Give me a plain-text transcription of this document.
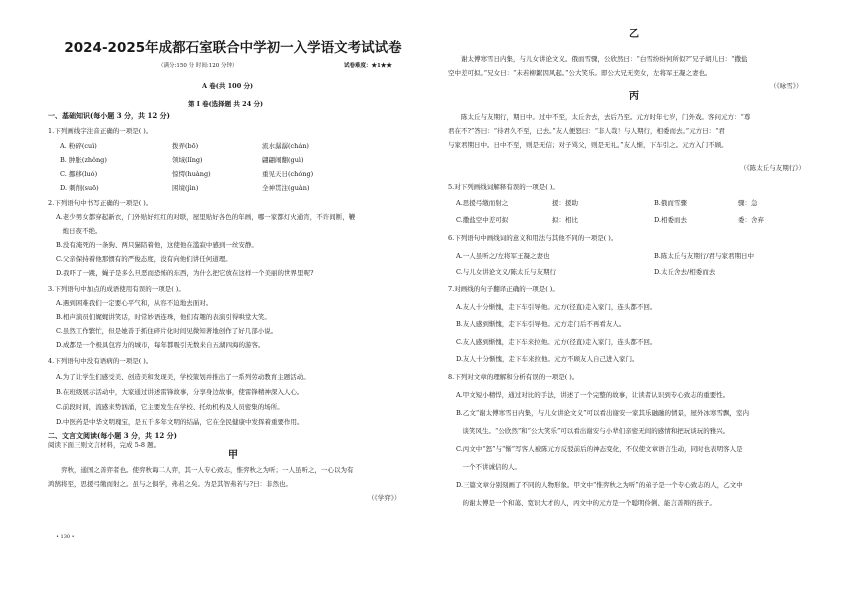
2024-2025年成都石室联合中学初一入学语文考试试卷
（满分:150 分 时间:120 分钟）	试卷难度：★1★★
A 卷(共 100 分)
第 I 卷(选择题 共 24 分)
一、基础知识(每小题 3 分，共 12 分)
1.下列画线字注音正确的一项是( )。
A. 粉碎(cuì)	拨弄(bō)	流水潺潺(chán)
B. 肿胀(zhǒng)	领域(lǐng)	翩翩闹翻(guì)
C. 挪移(luó)	惊愕(huàng)	重见天日(chóng)
D. 刺削(suō)	困境(jìn)	全神贯注(guàn)
2.下列语句中书写正确的一项是( )。
A.老少男女都穿起新衣，门外贴好红红的对联，屋里贴好各色的年画，哪一家都灯火通宵，不许间断，鞭
　炮日夜不绝。
B.没有淹死的一条狗、两只猫陪着他，这使他在滥寂中感到一丝安静。
C.父亲保持着他那惯有的严俊态度，没有向他们讲任何道理。
D.我吓了一跳，蝇子是多么旦恶而恐怖的东西，为什么把它放在这样一个美丽的世界里呢?
3.下列语句中加点的成语使用有误的一项是( )。
A.遇到困难我们一定要心平气和，从容不迫地去面对。
B.相声演员们娓娓讲笑话，时常妙语连珠，他们有趣的表演引得哄堂大笑。
C.虽然工作繁忙，但是她善于抓住碎片化时间见微知著地创作了好几部小说。
D.成都是一个极具包容力的城市，每年都吸引无数来自五湖四海的游客。
4.下列语句中没有语病的一项是( )。
A.为了让学生们感受美、创造美和发现美，学校策划并推出了一系列劳动教育主题活动。
B.在班级展示活动中，大家通过讲述雷锋故事，分享身边故事，使雷锋精神深入人心。
C.前段时间，流感来势汹涌，它主要发生在学校、托幼机构及人员密集的场所。
D.中医药是中华文明瑰宝，是五千多年文明的结晶，它在全民健康中发挥着重要作用。
二、文言文阅读(每小题 3 分，共 12 分)
阅读下面三则文言材料，完成 5-8 题。
甲
　　弈秋，通国之善弈者也。使弈秋诲二人弈，其一人专心致志，惟弈秋之为听；一人虽听之，一心以为有
鸿鹄将至，思援弓缴而射之。虽与之俱学，弗若之矣。为是其智弗若与?曰：非然也。
（《学弈》）
• 130 •
乙
　　谢太傅寒雪日内集，与儿女讲论文义。俄而雪骤，公欣然曰：“白雪纷纷何所似?”兄子胡儿曰：“撒盐
空中差可拟。”兄女曰：“未若柳絮因风起。”公大笑乐。即公大兄无奕女，左将军王凝之妻也。
（《咏雪》）
丙
　　陈太丘与友期行，期日中。过中不至，太丘舍去，去后乃至。元方时年七岁，门外戏。客问元方：“尊
君在不?”答曰：“待君久不至，已去。”友人便怒曰：“非人哉！与人期行，相委而去。”元方曰：“君
与家君期日中。日中不至，则是无信；对子骂父，则是无礼。”友人惭，下车引之。元方入门不顾。
（《陈太丘与友期行》）
5.对下列画线词解释有误的一项是( )。
A.思援弓缴而射之	援：援助	B.俄而雪骤	骤：急
C.撒盐空中差可拟	拟：相比	D.相委而去	委：舍弃
6.下列语句中画线词的意义和用法与其他不同的一项是( )。
A.一人虽听之/左将军王凝之妻也	B.陈太丘与友期行/君与家君期日中
C.与儿女讲论文义/陈太丘与友期行	D.太丘舍去/相委而去
7.对画线的句子翻译正确的一项是( )。
A.友人十分惭愧，走下车引导他。元方(径直)走入家门，连头都不回。
B.友人感到惭愧，走下车引导他。元方走门后不再看友人。
C.友人感到惭愧，走下车来拉他。元方(径直)走入家门，连头都不回。
D.友人十分惭愧，走下车来拉他。元方不顾友人自己进入家门。
8.下列对文章的理解和分析有误的一项是( )。
A.甲文短小精悍，通过对比的手法，讲述了一个完整的故事，让读者认识到专心致志的重要性。
B.乙文“谢太傅寒雪日内集，与儿女讲论文义”可以看出谢安一家其乐融融的情景，屋外冰寒雪飘，室内
　谈笑风生。“公欣然”和“公大笑乐”可以看出谢安与小辈们亲密无间的感情和把玩谈玩的雅兴。
C.丙文中“怒”与“惭”写客人被陈元方反驳前后的神态变化，不仅使文章语言生动，同时也表明客人是
　一个不讲诚信的人。
D.三篇文章分别刻画了不同的人物形象。甲文中“惟弈秋之为听”的弟子是一个专心致志的人，乙文中
　的谢太傅是一个和蔼、宽识大才的人，丙文中的元方是一个聪明伶俐、能言善辩的孩子。
